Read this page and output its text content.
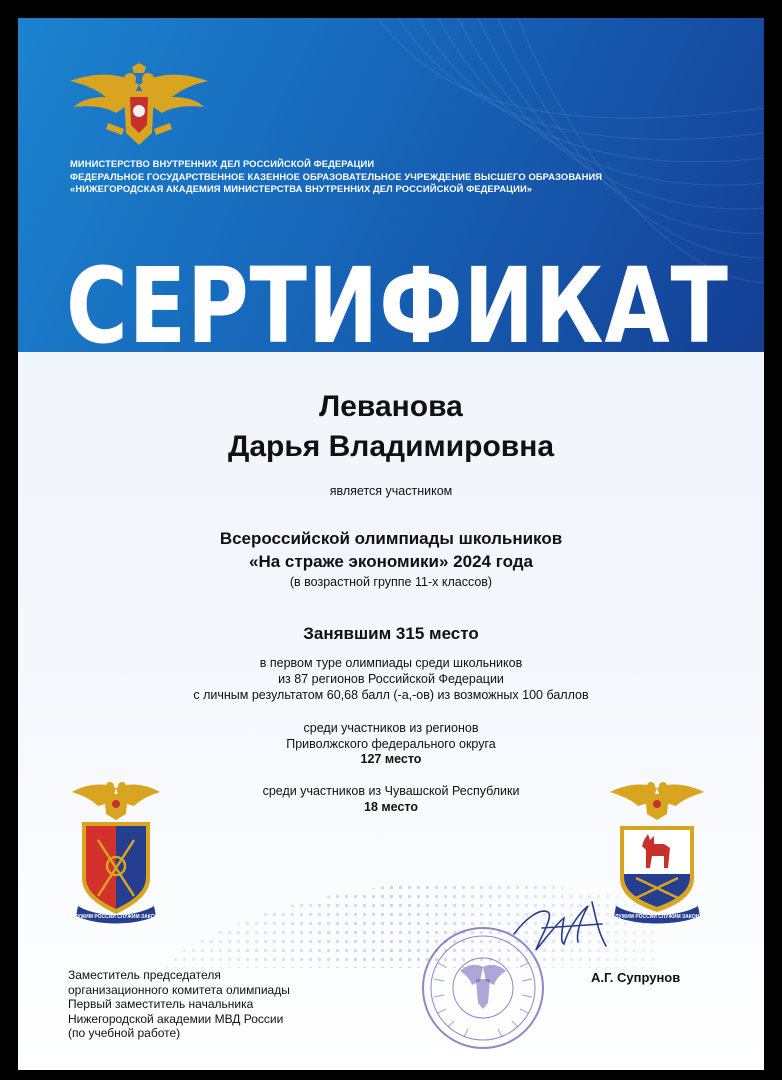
МИНИСТЕРСТВО ВНУТРЕННИХ ДЕЛ РОССИЙСКОЙ ФЕДЕРАЦИИ
ФЕДЕРАЛЬНОЕ ГОСУДАРСТВЕННОЕ КАЗЕННОЕ ОБРАЗОВАТЕЛЬНОЕ УЧРЕЖДЕНИЕ ВЫСШЕГО ОБРАЗОВАНИЯ
«НИЖЕГОРОДСКАЯ АКАДЕМИЯ МИНИСТЕРСТВА ВНУТРЕННИХ ДЕЛ РОССИЙСКОЙ ФЕДЕРАЦИИ»
СЕРТИФИКАТ
Леванова
Дарья Владимировна
является участником
Всероссийской олимпиады школьников
«На страже экономики» 2024 года
(в возрастной группе 11-х классов)
Занявшим 315 место
в первом туре олимпиады среди школьников
из 87 регионов Российской Федерации
с личным результатом 60,68 балл (-а,-ов) из возможных 100 баллов
среди участников из регионов
Приволжского федерального округа
127 место
среди участников из Чувашской Республики
18 место
СЛУЖИМ РОССИИ СЛУЖИМ ЗАКОНУ	СЛУЖИМ РОССИИ СЛУЖИМ ЗАКОНУ
Заместитель председателя
организационного комитета олимпиады
Первый заместитель начальника
Нижегородской академии МВД России
(по учебной работе)
А.Г. Супрунов
